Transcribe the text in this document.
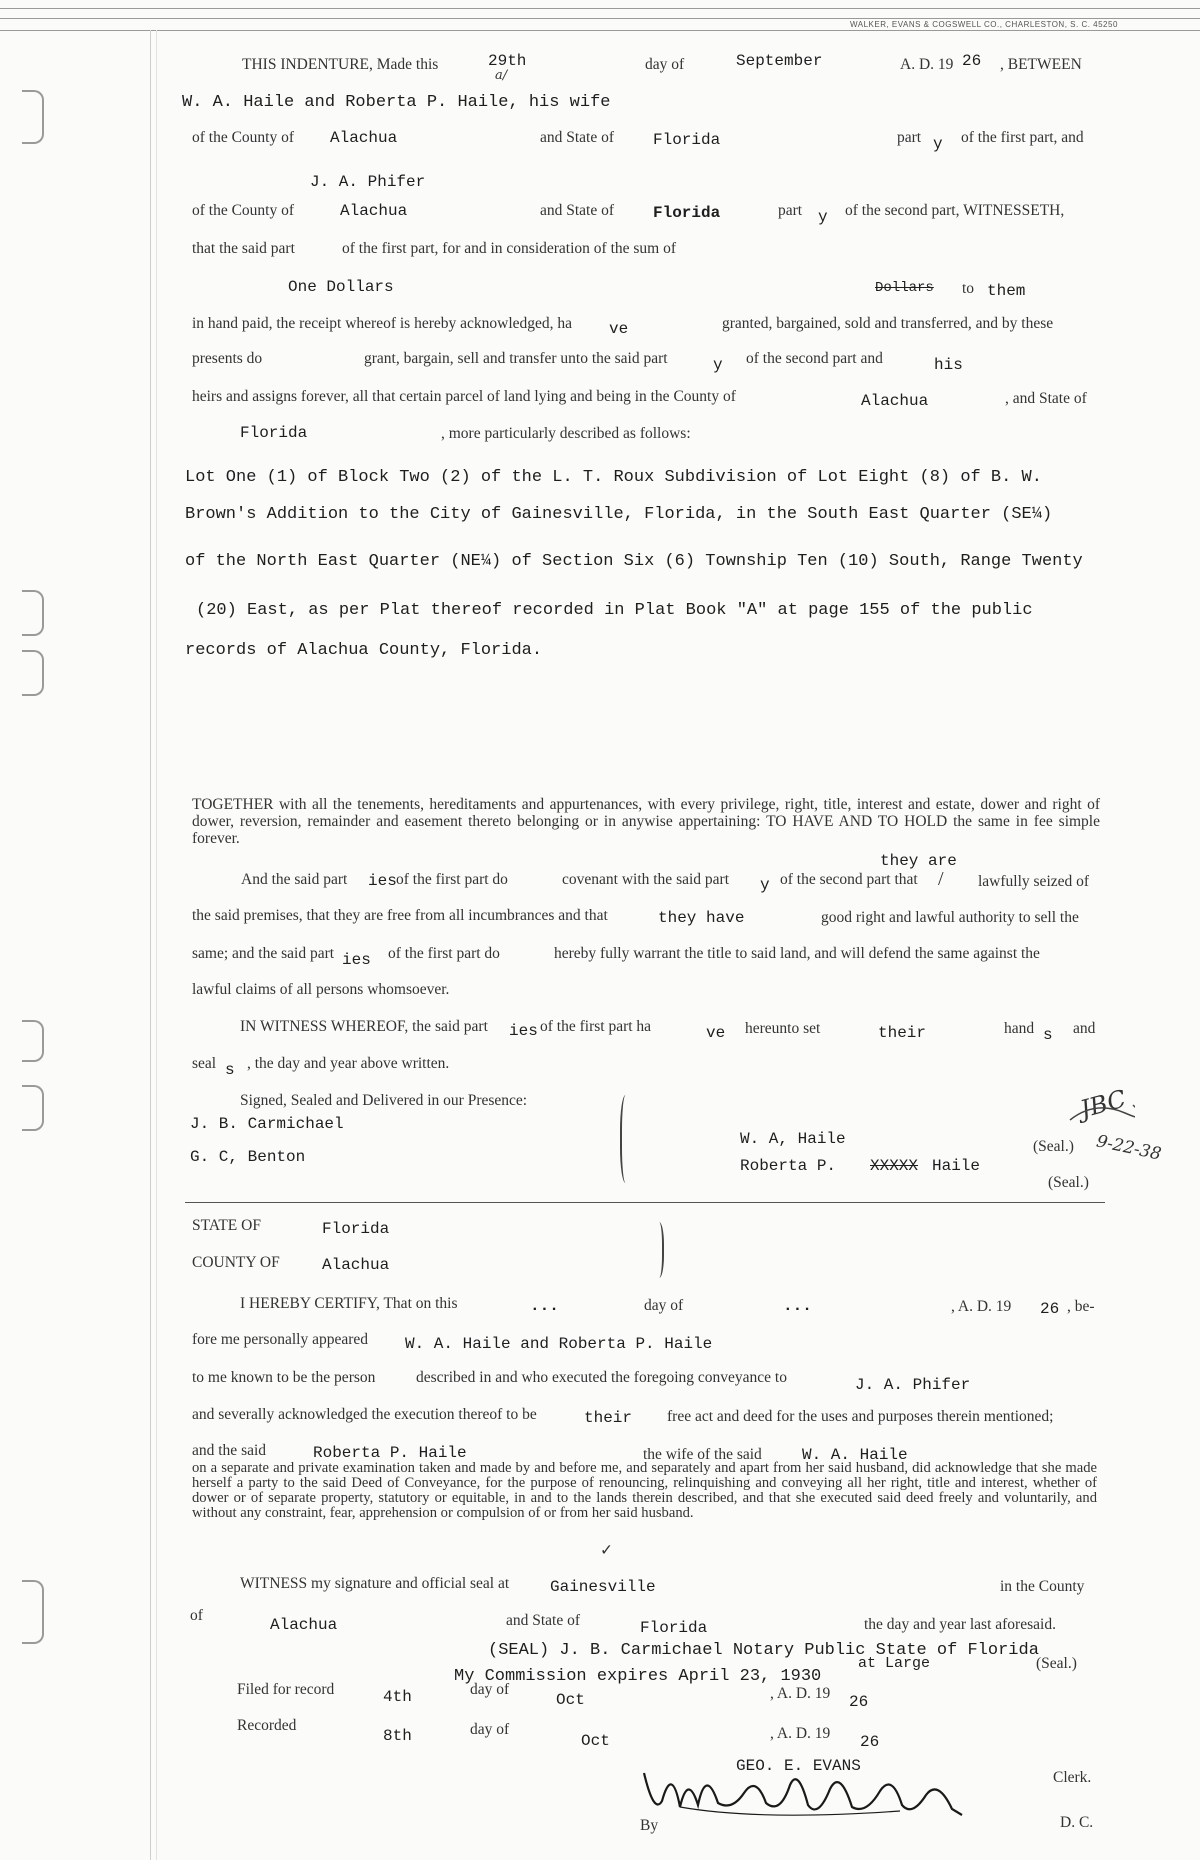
WALKER, EVANS & COGSWELL CO., CHARLESTON, S. C. 45250
THIS INDENTURE, Made this	29th
a/
day of	September	A. D. 19 26 , BETWEEN
W. A. Haile and Roberta P. Haile, his wife
of the County of Alachua	and State of Florida	part y of the first part, and
J. A. Phifer
of the County of	Alachua	and State of Florida	part y of the second part, WITNESSETH,
that the said part	of the first part, for and in consideration of the sum of
One Dollars	Dollars to them
in hand paid, the receipt whereof is hereby acknowledged, ha ve	granted, bargained, sold and transferred, and by these
presents do	grant, bargain, sell and transfer unto the said part	y of the second part and	his
heirs and assigns forever, all that certain parcel of land lying and being in the County of	Alachua	, and State of
Florida	, more particularly described as follows:
Lot One (1) of Block Two (2) of the L. T. Roux Subdivision of Lot Eight (8) of B. W.
Brown's Addition to the City of Gainesville, Florida, in the South East Quarter (SE¼)
of the North East Quarter (NE¼) of Section Six (6) Township Ten (10) South, Range Twenty
(20) East, as per Plat thereof recorded in Plat Book "A" at page 155 of the public
records of Alachua County, Florida.
TOGETHER with all the tenements, hereditaments and appurtenances, with every privilege, right, title, interest and estate, dower and right of dower, reversion, remainder and easement thereto belonging or in anywise appertaining: TO HAVE AND TO HOLD the same in fee simple forever.
they are
And the said part ies of the first part do	covenant with the said part y of the second part that / lawfully seized of
the said premises, that they are free from all incumbrances and that	they have	good right and lawful authority to sell the
same; and the said part ies of the first part do	hereby fully warrant the title to said land, and will defend the same against the
lawful claims of all persons whomsoever.
IN WITNESS WHEREOF, the said part ies of the first part ha	ve hereunto set	their	hand s and
seal s , the day and year above written.
Signed, Sealed and Delivered in our Presence:
J. B. Carmichael
G. C, Benton
W. A, Haile
Roberta P. XXXXX Haile
(Seal.)
(Seal.)
JBC
9-22-38
STATE OF	Florida
COUNTY OF	Alachua
I HEREBY CERTIFY, That on this	...	day of	...	, A. D. 19 26 , be-
fore me personally appeared W. A. Haile and Roberta P. Haile
to me known to be the person	described in and who executed the foregoing conveyance to	J. A. Phifer
and severally acknowledged the execution thereof to be	their free act and deed for the uses and purposes therein mentioned;
and the said	Roberta P. Haile	the wife of the said	W. A. Haile
on a separate and private examination taken and made by and before me, and separately and apart from her said husband, did acknowledge that she made herself a party to the said Deed of Conveyance, for the purpose of renouncing, relinquishing and conveying all her right, title and interest, whether of dower or of separate property, statutory or equitable, in and to the lands therein described, and that she executed said deed freely and voluntarily, and without any constraint, fear, apprehension or compulsion of or from her said husband.
✓
WITNESS my signature and official seal at	Gainesville	in the County
of
Alachua	and State of	Florida	the day and year last aforesaid.
(SEAL) J. B. Carmichael Notary Public State of Florida
at Large	(Seal.)
My Commission expires April 23, 1930
Filed for record	4th	day of
Oct	, A. D. 19 26
Recorded
8th	day of
Oct	, A. D. 19 26
GEO. E. EVANS
Clerk.
By	D. C.
